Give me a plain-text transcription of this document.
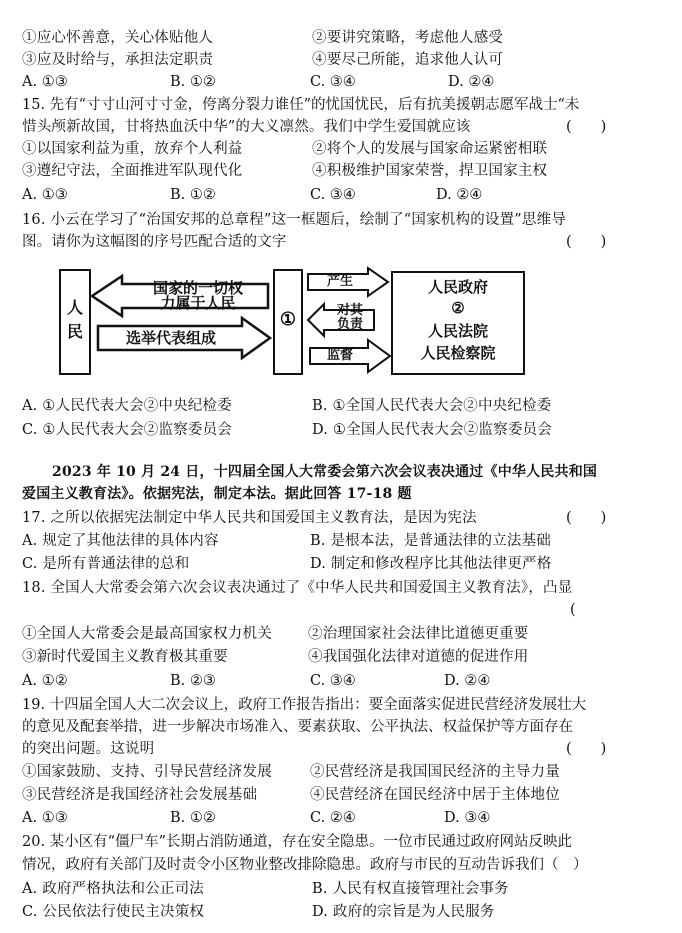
①应心怀善意，关心体贴他人	②要讲究策略，考虑他人感受
③应及时给与，承担法定职责	④要尽己所能，追求他人认可
A. ①③	B. ①②	C. ③④	D. ②④
15. 先有“寸寸山河寸寸金，侉离分裂力谁任”的忧国忧民，后有抗美援朝志愿军战士“未
惜头颅新故国，甘将热血沃中华”的大义凛然。我们中学生爱国就应该	(　　)
①以国家利益为重，放弃个人利益	②将个人的发展与国家命运紧密相联
③遵纪守法，全面推进军队现代化	④积极维护国家荣誉，捍卫国家主权
A. ①③	B. ①②	C. ③④	D. ②④
16. 小云在学习了“治国安邦的总章程”这一框题后，绘制了“国家机构的设置”思维导
图。请你为这幅图的序号匹配合适的文字	(　　)
人民
国家的一切权
力属于人民
选举代表组成
①
产生
对其
负责
监督
人民政府
②
人民法院
人民检察院
A. ①人民代表大会②中央纪检委	B. ①全国人民代表大会②中央纪检委
C. ①人民代表大会②监察委员会	D. ①全国人民代表大会②监察委员会
2023 年 10 月 24 日，十四届全国人大常委会第六次会议表决通过《中华人民共和国
爱国主义教育法》。依据宪法，制定本法。据此回答 17-18 题
17. 之所以依据宪法制定中华人民共和国爱国主义教育法，是因为宪法	(　　)
A. 规定了其他法律的具体内容	B. 是根本法，是普通法律的立法基础
C. 是所有普通法律的总和	D. 制定和修改程序比其他法律更严格
18. 全国人大常委会第六次会议表决通过了《中华人民共和国爱国主义教育法》，凸显
(
①全国人大常委会是最高国家权力机关 ②治理国家社会法律比道德更重要
③新时代爱国主义教育极其重要	④我国强化法律对道德的促进作用
A. ①②	B. ②③	C. ③④	D. ②④
19. 十四届全国人大二次会议上，政府工作报告指出：要全面落实促进民营经济发展壮大
的意见及配套举措，进一步解决市场准入、要素获取、公平执法、权益保护等方面存在
的突出问题。这说明	(　　)
①国家鼓励、支持、引导民营经济发展	②民营经济是我国国民经济的主导力量
③民营经济是我国经济社会发展基础	④民营经济在国民经济中居于主体地位
A. ①③	B. ①②	C. ②④	D. ③④
20. 某小区有“僵尸车”长期占消防通道，存在安全隐患。一位市民通过政府网站反映此
情况，政府有关部门及时责令小区物业整改排除隐患。政府与市民的互动告诉我们（　）
A. 政府严格执法和公正司法	B. 人民有权直接管理社会事务
C. 公民依法行使民主决策权	D. 政府的宗旨是为人民服务
